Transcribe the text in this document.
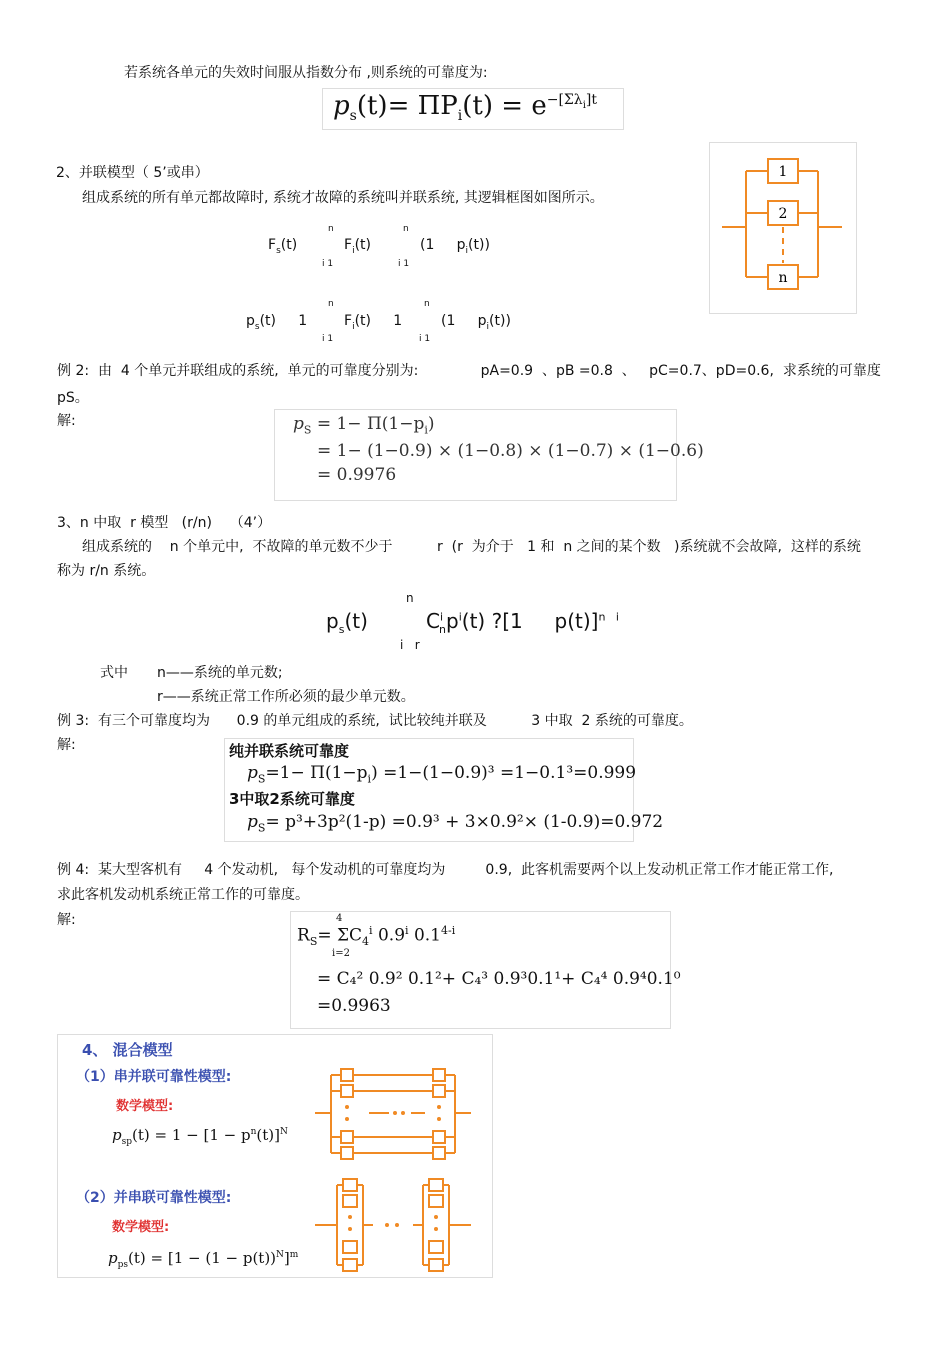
若系统各单元的失效时间服从指数分布 ,则系统的可靠度为:
$p_s(t)= \Pi P_i(t) = e^{-[\Sigma\lambda_i]t}$
2、并联模型（ 5’或串）
组成系统的所有单元都故障时, 系统才故障的系统叫并联系统, 其逻辑框图如图所示。
1
2
n
$F_s(t)$
n
$F_i(t)$
i 1
n
(1     $p_i(t)$)
i 1
$p_s(t)$     1
n
$F_i(t)$     1
i 1
n
(1     $p_i(t)$)
i 1
例 2:  由  4 个单元并联组成的系统,  单元的可靠度分别为:              pA=0.9  、pB =0.8  、   pC=0.7、pD=0.6,  求系统的可靠度
pS。
解:	$p_S = 1- \Pi(1-p_i)$
= 1− (1−0.9) × (1−0.8) × (1−0.7) × (1−0.6)
= 0.9976
3、n 中取  r 模型   (r/n)    （4’）
组成系统的    n 个单元中,  不故障的单元数不少于          r  (r  为介于   1 和  n 之间的某个数   )系统就不会故障,  这样的系统
称为 r/n 系统。
$p_s(t)$
n
$C^i_np^i(t)$ ?[1     p(t)]$^{n i}$
i   r
式中 n——系统的单元数;
r——系统正常工作所必须的最少单元数。
例 3:  有三个可靠度均为      0.9 的单元组成的系统,  试比较纯并联及          3 中取  2 系统的可靠度。
解:	纯并联系统可靠度
$p_S=1- \Pi(1-p_i) =1-(1-0.9)^3 =1-0.1^3=0.999$
3中取2系统可靠度
$p_S= p^3+3p^2(1-p) =0.9^3 + 3\times 0.9^2\times (1-0.9)=0.972$
例 4:  某大型客机有     4 个发动机,   每个发动机的可靠度均为         0.9,  此客机需要两个以上发动机正常工作才能正常工作,
求此客机发动机系统正常工作的可靠度。
解:	4
$R_S= \Sigma C_4^i$ 0.9$^i$ 0.1$^{4-i}$
i=2
= C₄² 0.9² 0.1²+ C₄³ 0.9³0.1¹+ C₄⁴ 0.9⁴0.1⁰
=0.9963
4、 混合模型
（1）串并联可靠性模型:
数学模型:
$p_{sp}(t) = 1 - [1 - p^n(t)]^N$
（2）并串联可靠性模型:
数学模型:
$p_{ps}(t) = [1 - (1 - p(t))^N]^m$
